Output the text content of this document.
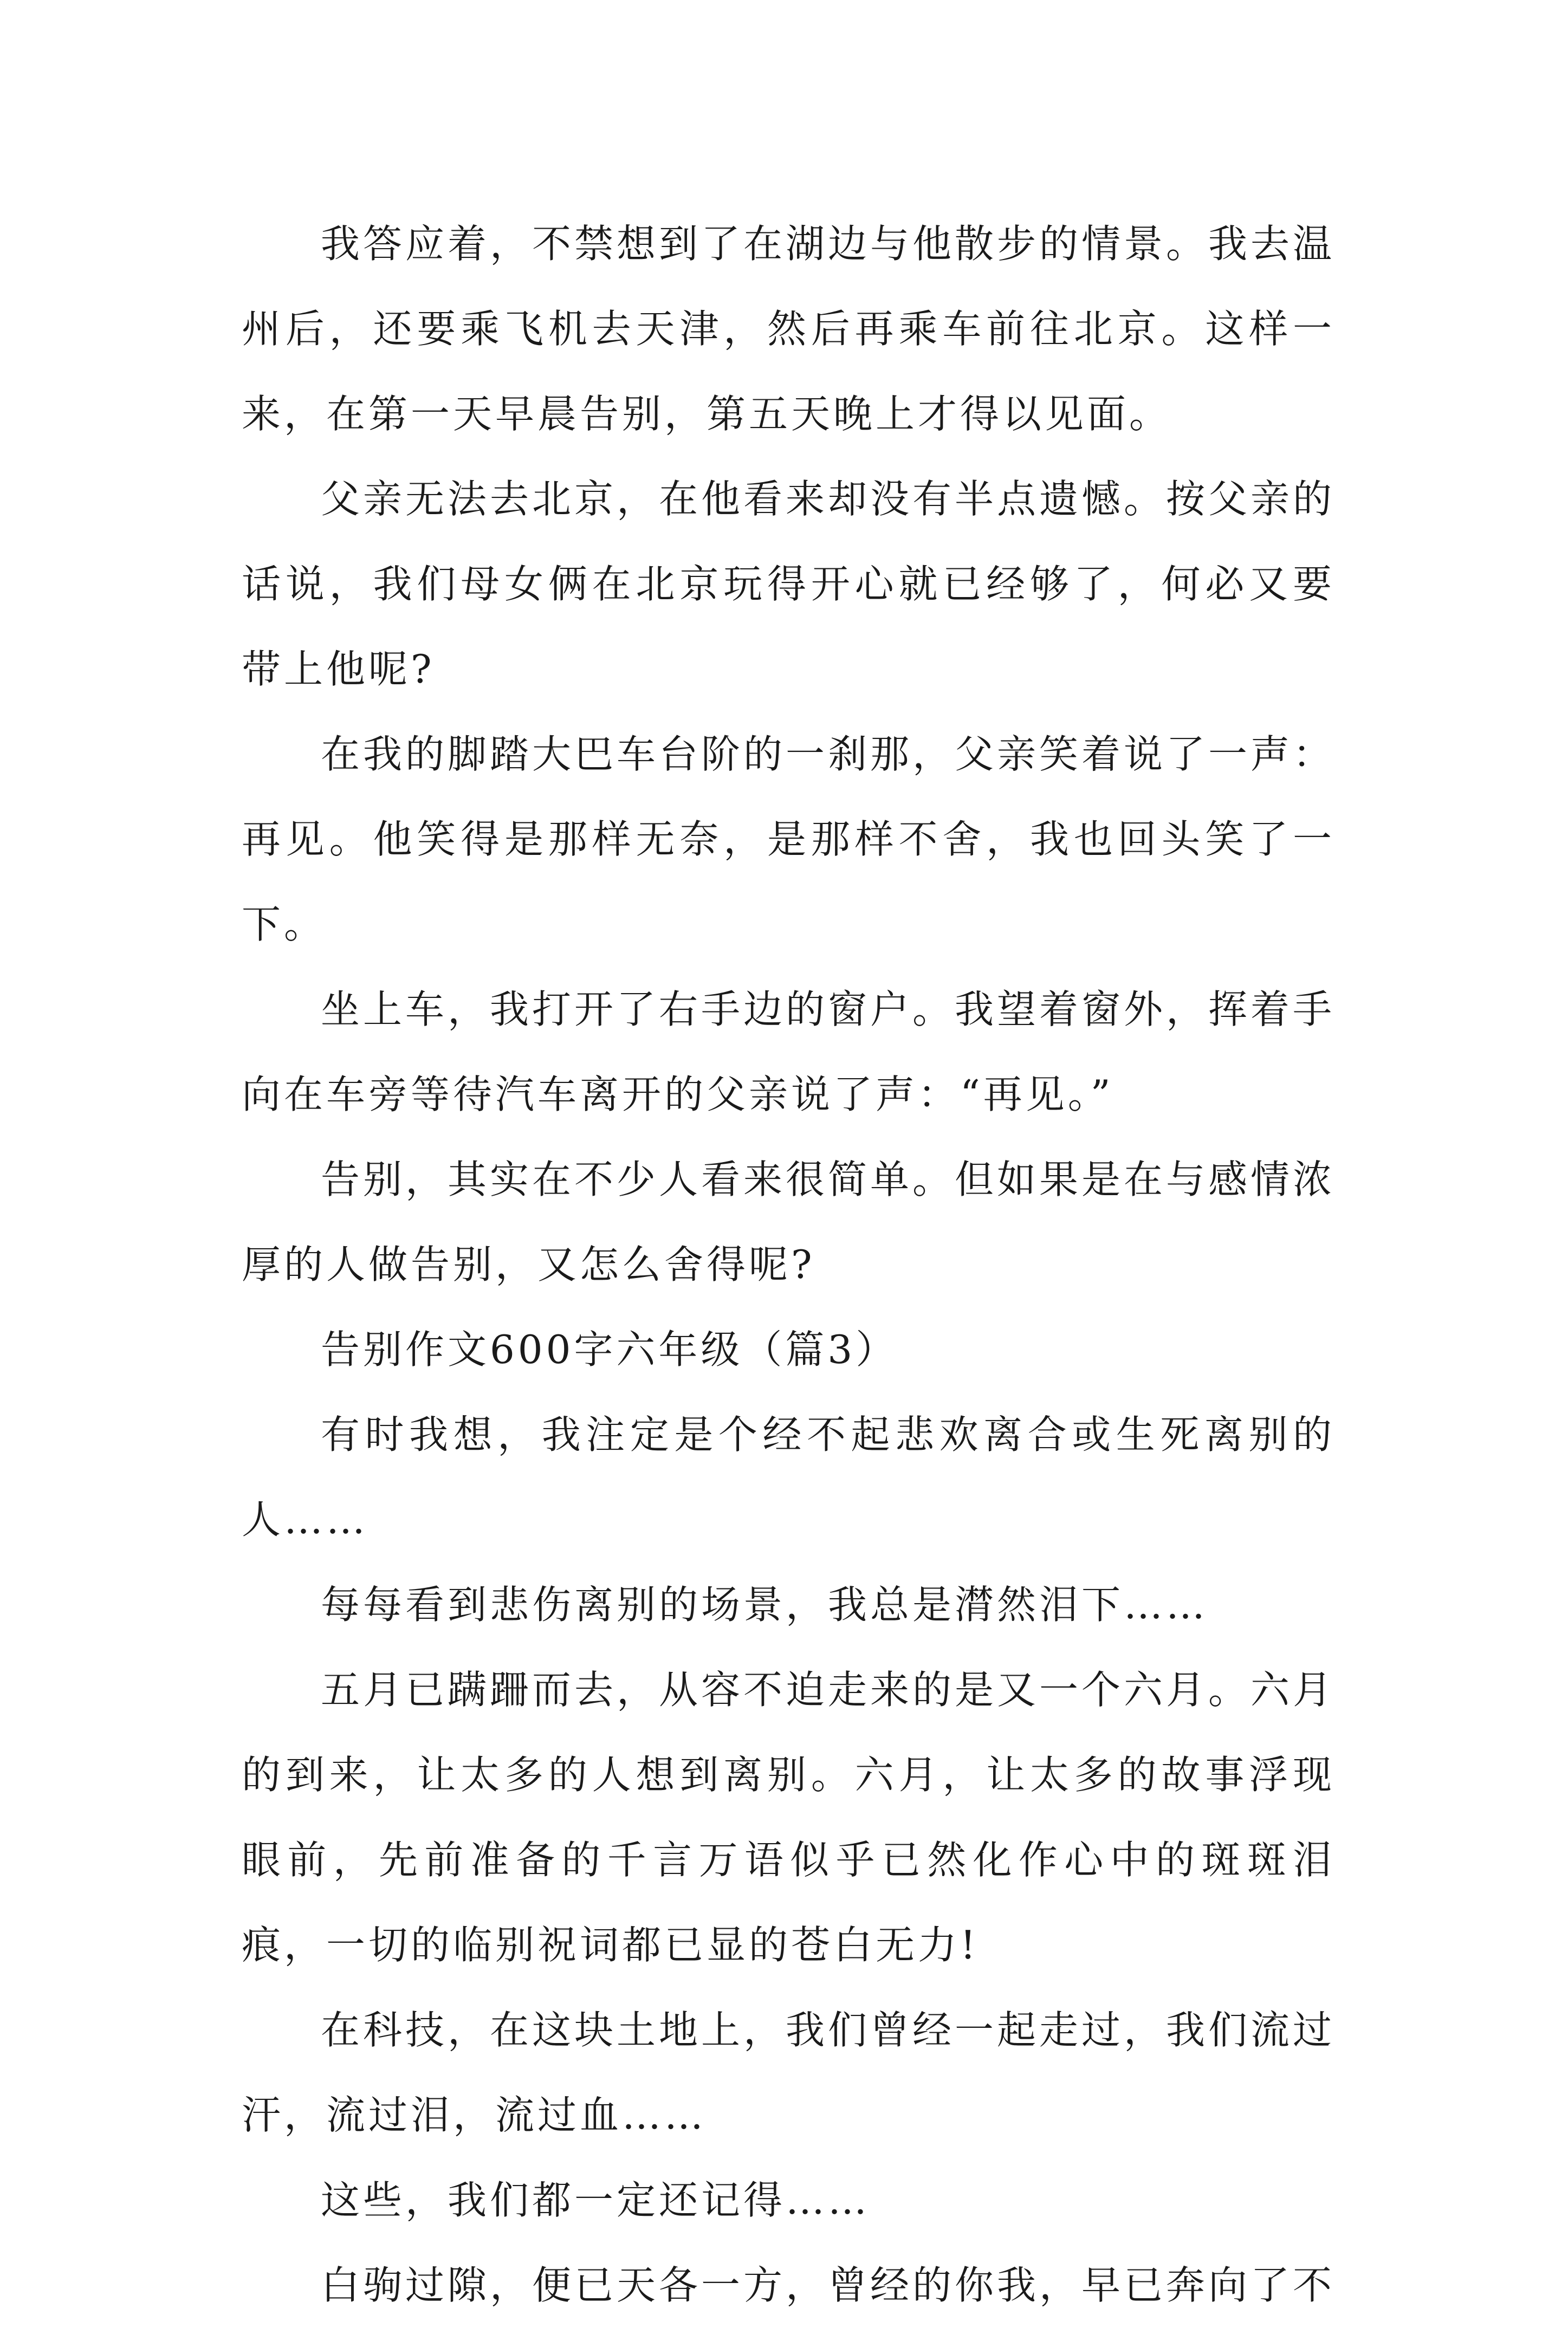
我答应着，不禁想到了在湖边与他散步的情景。我去温州后，还要乘飞机去天津，然后再乘车前往北京。这样一来，在第一天早晨告别，第五天晚上才得以见面。

父亲无法去北京，在他看来却没有半点遗憾。按父亲的话说，我们母女俩在北京玩得开心就已经够了，何必又要带上他呢?

在我的脚踏大巴车台阶的一刹那，父亲笑着说了一声：再见。他笑得是那样无奈，是那样不舍，我也回头笑了一下。

坐上车，我打开了右手边的窗户。我望着窗外，挥着手向在车旁等待汽车离开的父亲说了声：“再见。”

告别，其实在不少人看来很简单。但如果是在与感情浓厚的人做告别，又怎么舍得呢?

告别作文600字六年级（篇3）

有时我想，我注定是个经不起悲欢离合或生死离别的人……

每每看到悲伤离别的场景，我总是潸然泪下……

五月已蹒跚而去，从容不迫走来的是又一个六月。六月的到来，让太多的人想到离别。六月，让太多的故事浮现眼前，先前准备的千言万语似乎已然化作心中的斑斑泪痕，一切的临别祝词都已显的苍白无力!

在科技，在这块土地上，我们曾经一起走过，我们流过汗，流过泪，流过血……

这些，我们都一定还记得……

白驹过隙，便已天各一方，曾经的你我，早已奔向了不
